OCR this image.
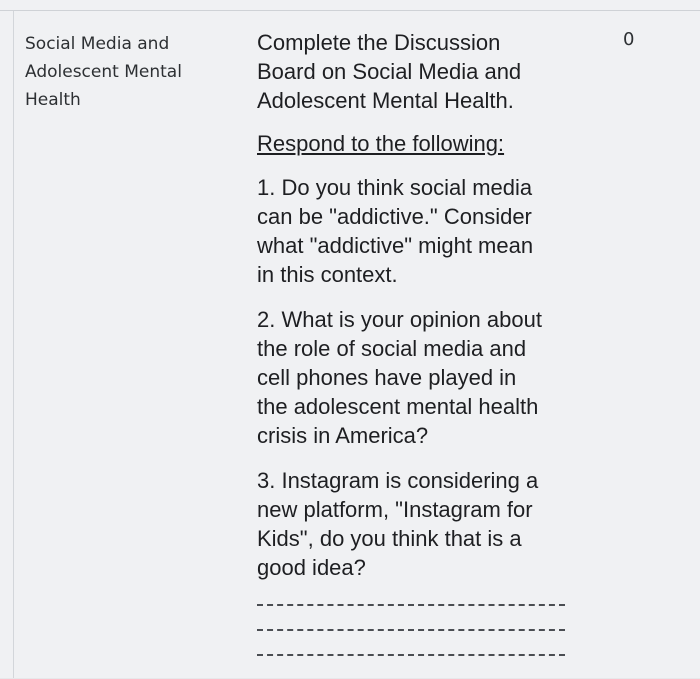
Social Media and
Adolescent Mental
Health
Complete the Discussion
Board on Social Media and
Adolescent Mental Health.
Respond to the following:
1. Do you think social media
can be "addictive." Consider
what "addictive" might mean
in this context.
2. What is your opinion about
the role of social media and
cell phones have played in
the adolescent mental health
crisis in America?
3. Instagram is considering a
new platform, "Instagram for
Kids", do you think that is a
good idea?
0
